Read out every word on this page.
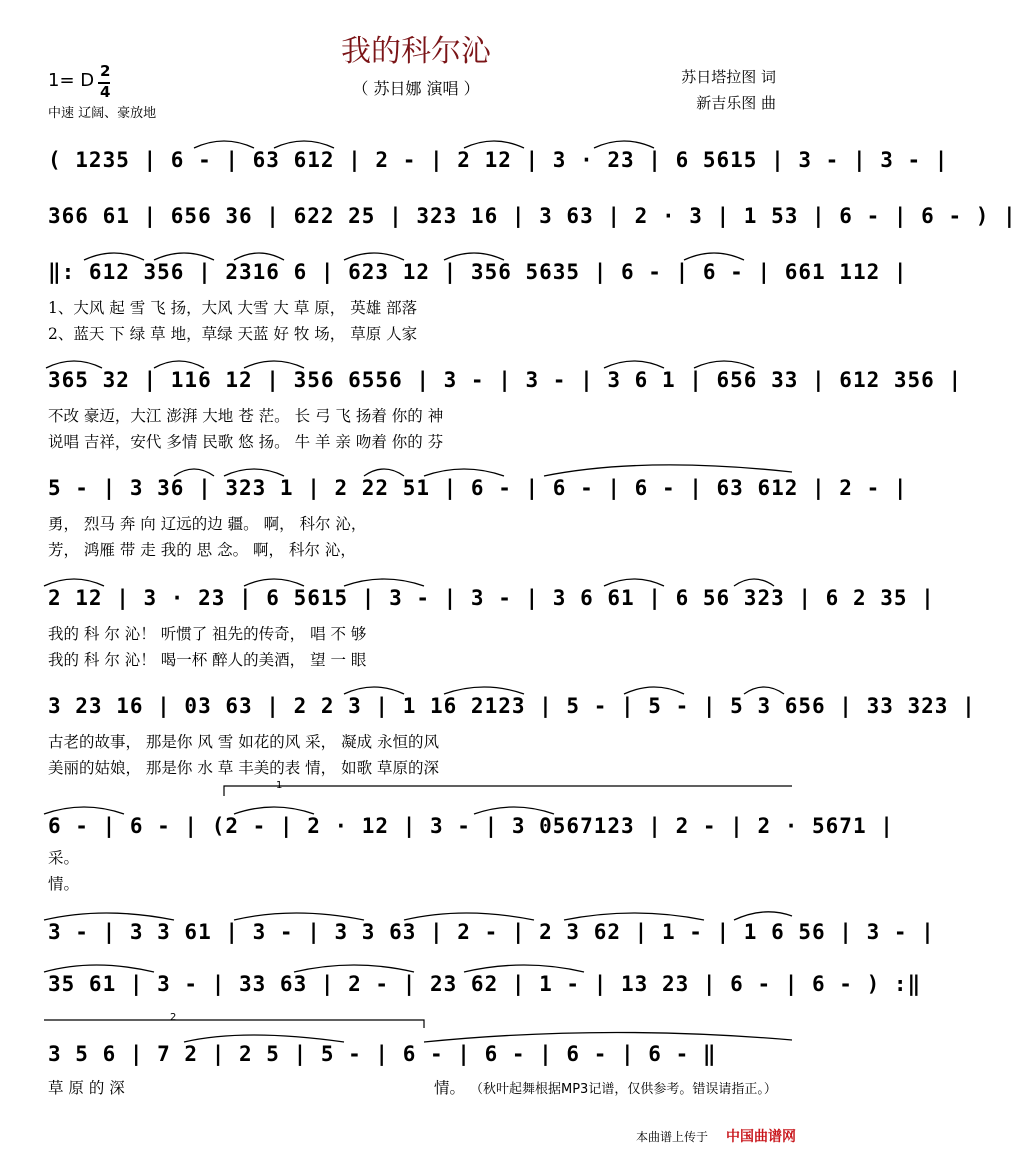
我的科尔沁
（ 苏日娜 演唱 ）
1= D 2
4
中速 辽阔、豪放地
苏日塔拉图 词
新吉乐图 曲
( 1235 | 6 - | 63 612 | 2 - | 2 12 | 3 · 23 | 6 5615 | 3 - | 3 - |
366 61 | 656 36 | 622 25 | 323 16 | 3 63 | 2 · 3 | 1 53 | 6 - | 6 - ) |
‖: 612 356 | 2316 6 | 623 12 | 356 5635 | 6 - | 6 - | 661 112 |
1、大风 起 雪 飞 扬，大风 大雪 大 草 原， 英雄 部落
2、蓝天 下 绿 草 地，草绿 天蓝 好 牧 场， 草原 人家
365 32 | 116 12 | 356 6556 | 3 - | 3 - | 3 6 1 | 656 33 | 612 356 |
不改 豪迈，大江 澎湃 大地 苍 茫。 长 弓 飞 扬着 你的 神
说唱 吉祥，安代 多情 民歌 悠 扬。 牛 羊 亲 吻着 你的 芬
5 - | 3 36 | 323 1 | 2 22 51 | 6 - | 6 - | 6 - | 63 612 | 2 - |
勇， 烈马 奔 向 辽远的边 疆。 啊， 科尔 沁，
芳， 鸿雁 带 走 我的 思 念。 啊， 科尔 沁，
2 12 | 3 · 23 | 6 5615 | 3 - | 3 - | 3 6 61 | 6 56 323 | 6 2 35 |
我的 科 尔 沁！ 听惯了 祖先的传奇， 唱 不 够
我的 科 尔 沁！ 喝一杯 醉人的美酒， 望 一 眼
3 23 16 | 03 63 | 2 2 3 | 1 16 2123 | 5 - | 5 - | 5 3 656 | 33 323 |
古老的故事， 那是你 风 雪 如花的风 采， 凝成 永恒的风
美丽的姑娘， 那是你 水 草 丰美的表 情， 如歌 草原的深
1
6 - | 6 - | (2 - | 2 · 12 | 3 - | 3 0567123 | 2 - | 2 · 5671 |
采。
情。
3 - | 3 3 61 | 3 - | 3 3 63 | 2 - | 2 3 62 | 1 - | 1 6 56 | 3 - |
35 61 | 3 - | 33 63 | 2 - | 23 62 | 1 - | 13 23 | 6 - | 6 - ) :‖
2
3 5 6 | 7 2 | 2 5 | 5 - | 6 - | 6 - | 6 - | 6 - ‖
草 原 的 深	情。 （秋叶起舞根据MP3记谱，仅供参考。错误请指正。）
本曲谱上传于 中国曲谱网
